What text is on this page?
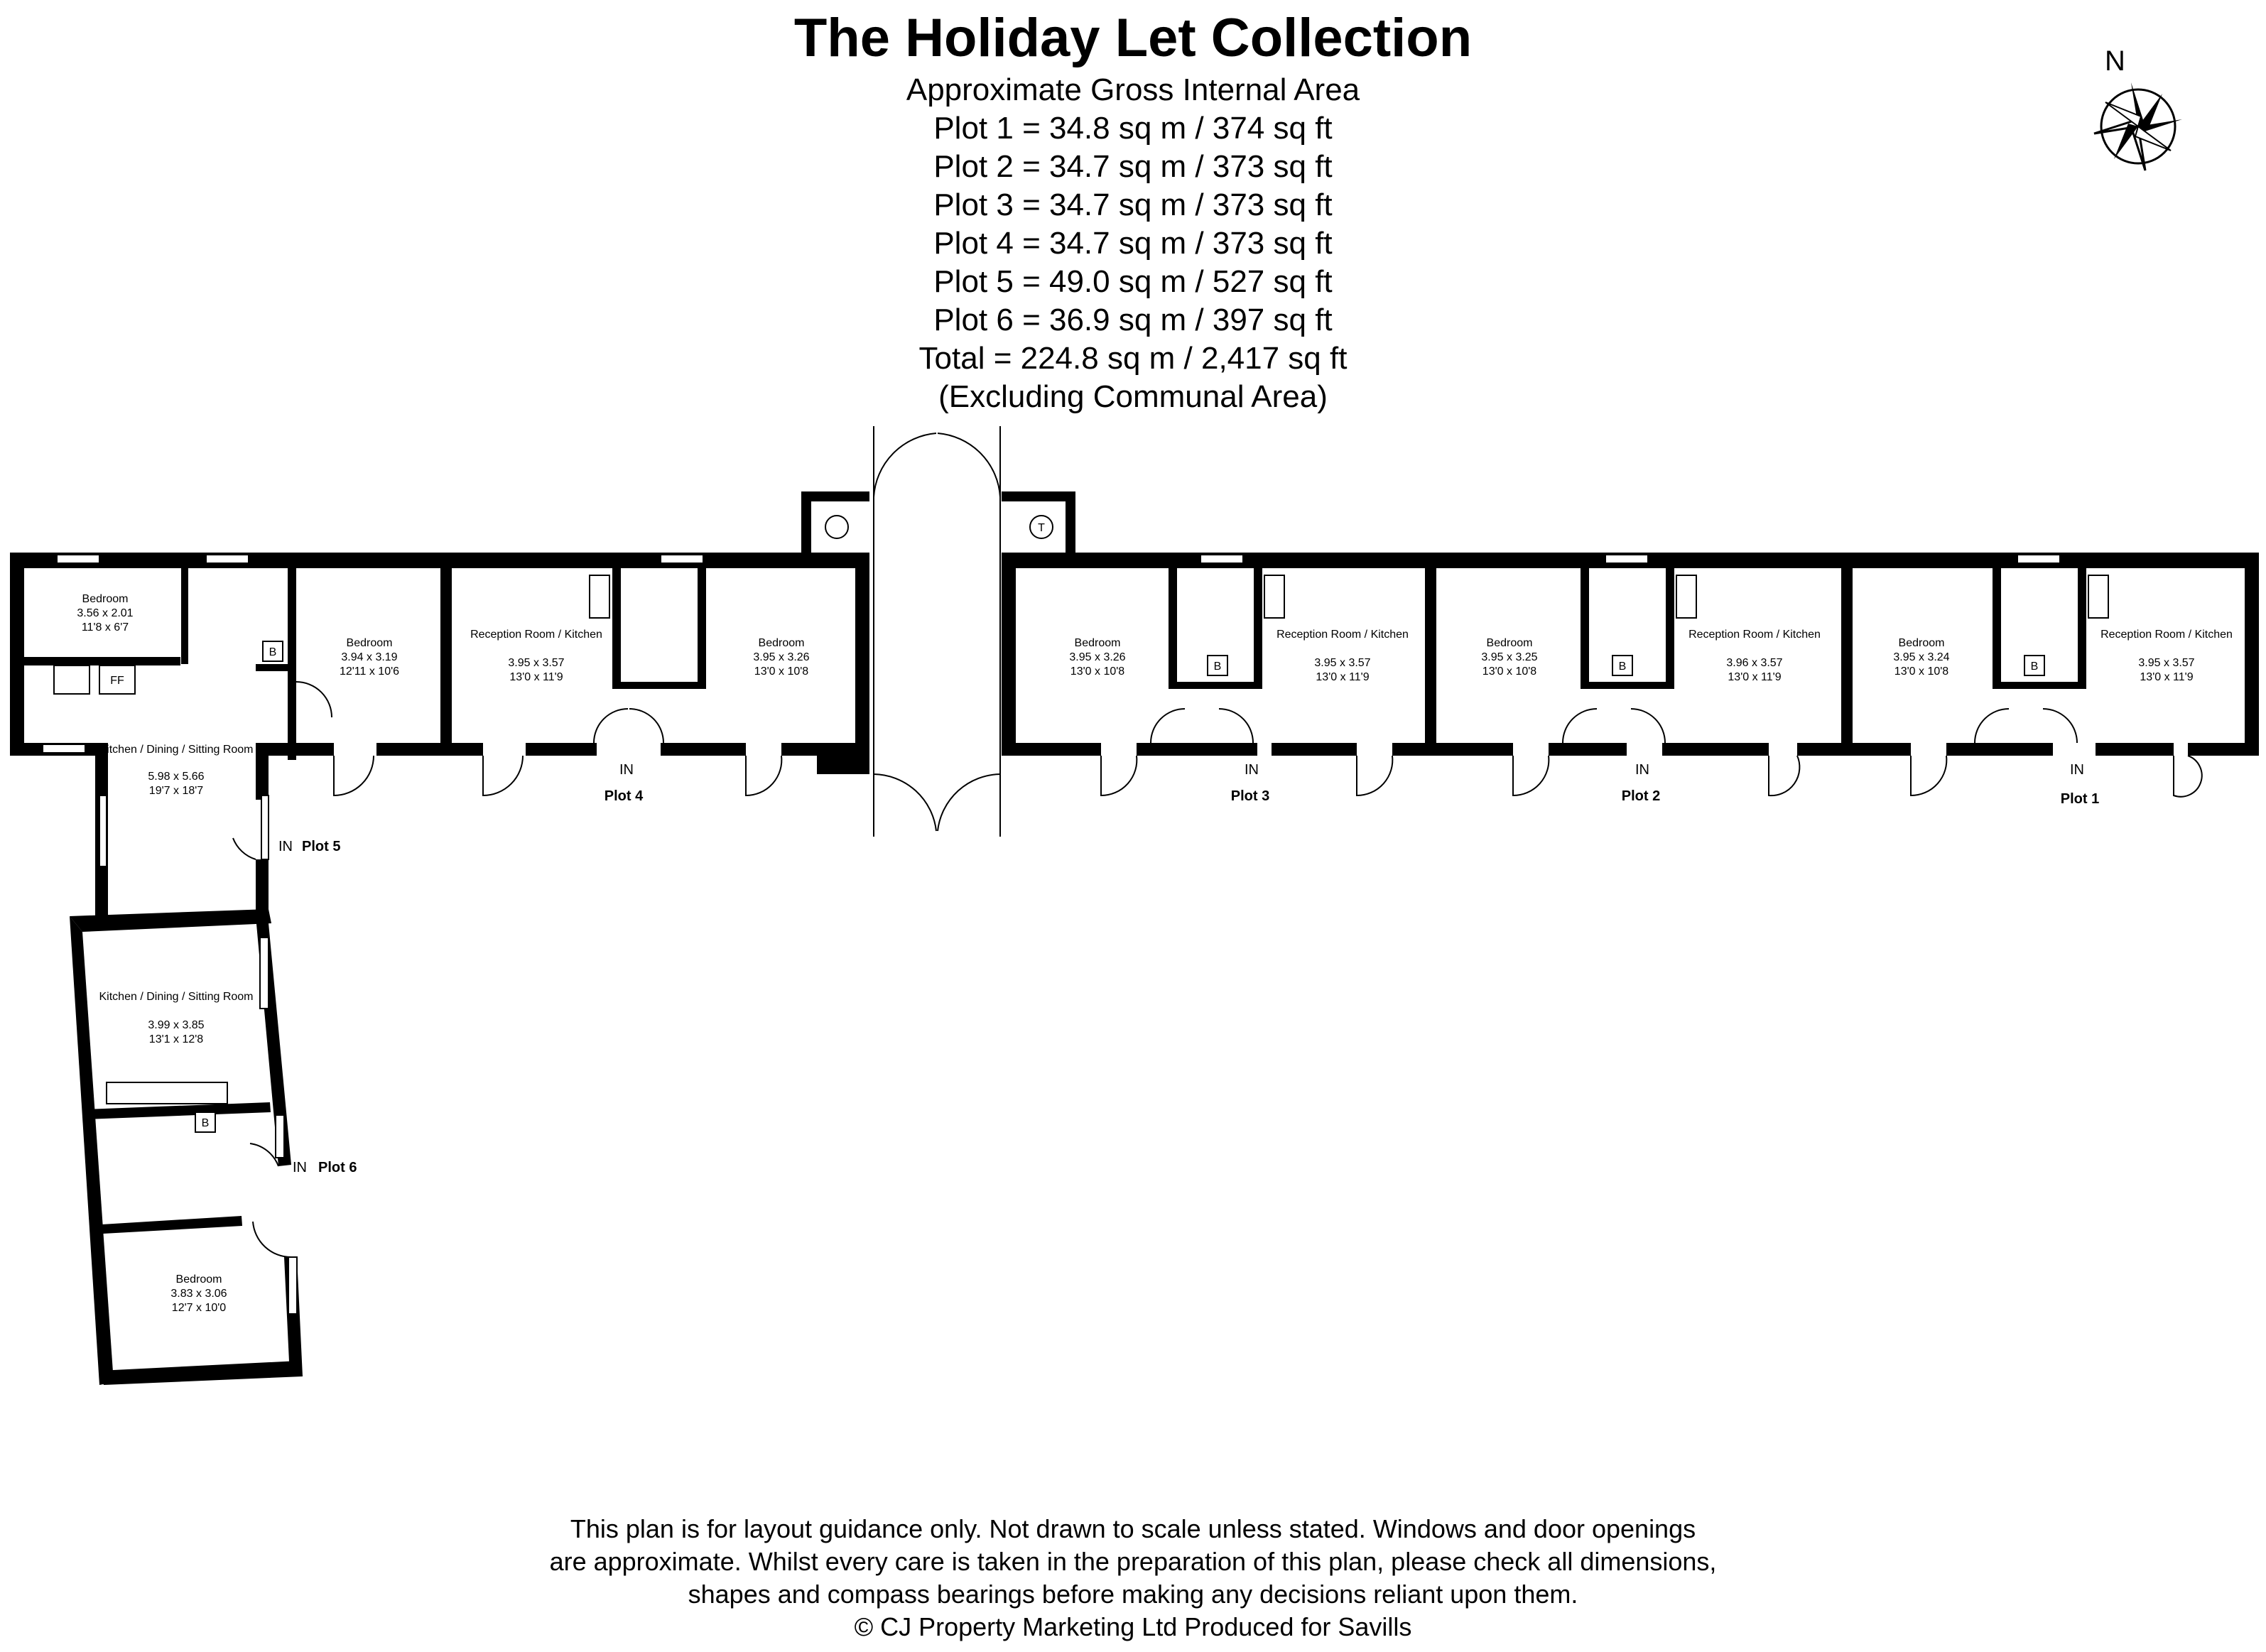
The Holiday Let Collection
Approximate Gross Internal Area
Plot 1 = 34.8 sq m / 374 sq ft
Plot 2 = 34.7 sq m / 373 sq ft
Plot 3 = 34.7 sq m / 373 sq ft
Plot 4 = 34.7 sq m / 373 sq ft
Plot 5 = 49.0 sq m / 527 sq ft
Plot 6 = 36.9 sq m / 397 sq ft
Total = 224.8 sq m / 2,417 sq ft
(Excluding Communal Area)
N
FF
B
B	B	B
B
T
Bedroom
3.56 x 2.01
11'8 x 6'7
Bedroom
3.94 x 3.19
12'11 x 10'6
Kitchen / Dining / Sitting Room
5.98 x 5.66
19'7 x 18'7
Reception Room / Kitchen
3.95 x 3.57
13'0 x 11'9
Bedroom
3.95 x 3.26
13'0 x 10'8
Bedroom
3.95 x 3.26
13'0 x 10'8
Reception Room / Kitchen
3.95 x 3.57
13'0 x 11'9
Bedroom
3.95 x 3.25
13'0 x 10'8
Reception Room / Kitchen
3.96 x 3.57
13'0 x 11'9
Bedroom
3.95 x 3.24
13'0 x 10'8
Reception Room / Kitchen
3.95 x 3.57
13'0 x 11'9
Kitchen / Dining / Sitting Room
3.99 x 3.85
13'1 x 12'8
Bedroom
3.83 x 3.06
12'7 x 10'0
Plot 4	Plot 3	Plot 2	Plot 1
Plot 5
Plot 6
IN	IN	IN	IN
IN
IN
This plan is for layout guidance only. Not drawn to scale unless stated. Windows and door openings
are approximate. Whilst every care is taken in the preparation of this plan, please check all dimensions,
shapes and compass bearings before making any decisions reliant upon them.
© CJ Property Marketing Ltd Produced for Savills
